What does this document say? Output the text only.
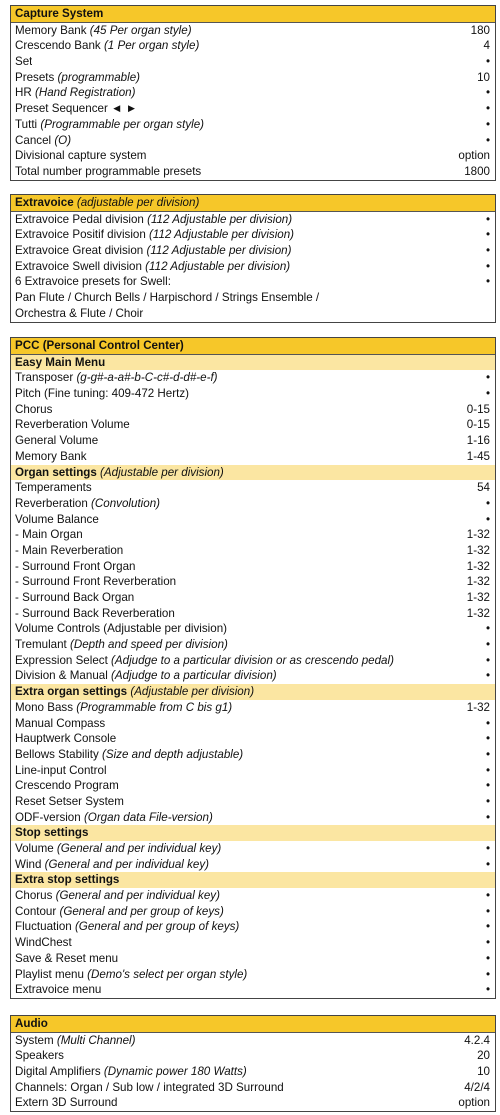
Capture System
Memory Bank (45 Per organ style)	180
Crescendo Bank (1 Per organ style)	4
Set	•
Presets (programmable)	10
HR (Hand Registration)	•
Preset Sequencer ◄ ►	•
Tutti (Programmable per organ style)	•
Cancel (O)	•
Divisional capture system	option
Total number programmable presets	1800
Extravoice (adjustable per division)
Extravoice Pedal division (112 Adjustable per division)	•
Extravoice Positif division (112 Adjustable per division)	•
Extravoice Great division (112 Adjustable per division)	•
Extravoice Swell division (112 Adjustable per division)	•
6 Extravoice presets for Swell:	•
Pan Flute / Church Bells / Harpischord / Strings Ensemble /
Orchestra & Flute / Choir
PCC (Personal Control Center)
Easy Main Menu
Transposer (g-g#-a-a#-b-C-c#-d-d#-e-f)	•
Pitch (Fine tuning: 409-472 Hertz)	•
Chorus	0-15
Reverberation Volume	0-15
General Volume	1-16
Memory Bank	1-45
Organ settings (Adjustable per division)
Temperaments	54
Reverberation (Convolution)	•
Volume Balance	•
- Main Organ	1-32
- Main Reverberation	1-32
- Surround Front Organ	1-32
- Surround Front Reverberation	1-32
- Surround Back Organ	1-32
- Surround Back Reverberation	1-32
Volume Controls (Adjustable per division)	•
Tremulant (Depth and speed per division)	•
Expression Select (Adjudge to a particular division or as crescendo pedal)	•
Division & Manual (Adjudge to a particular division)	•
Extra organ settings (Adjustable per division)
Mono Bass (Programmable from C bis g1)	1-32
Manual Compass	•
Hauptwerk Console	•
Bellows Stability (Size and depth adjustable)	•
Line-input Control	•
Crescendo Program	•
Reset Setser System	•
ODF-version (Organ data File-version)	•
Stop settings
Volume (General and per individual key)	•
Wind (General and per individual key)	•
Extra stop settings
Chorus (General and per individual key)	•
Contour (General and per group of keys)	•
Fluctuation (General and per group of keys)	•
WindChest	•
Save & Reset menu	•
Playlist menu (Demo's select per organ style)	•
Extravoice menu	•
Audio
System (Multi Channel)	4.2.4
Speakers	20
Digital Amplifiers (Dynamic power 180 Watts)	10
Channels: Organ / Sub low / integrated 3D Surround	4/2/4
Extern 3D Surround	option
